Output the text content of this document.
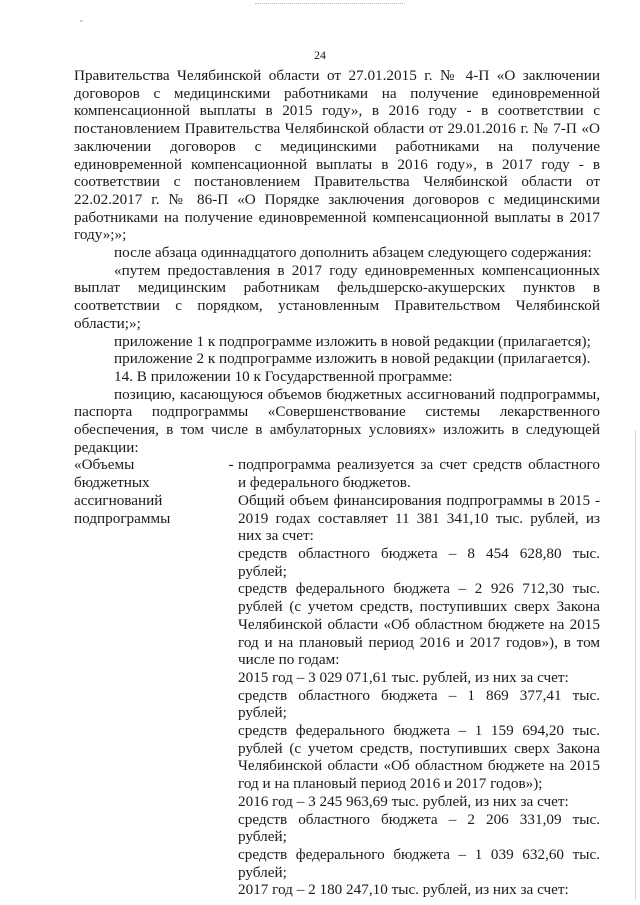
24

Правительства Челябинской области от 27.01.2015 г. № 4-П «О заключении договоров с медицинскими работниками на получение единовременной компенсационной выплаты в 2015 году», в 2016 году - в соответствии с постановлением Правительства Челябинской области от 29.01.2016 г. № 7-П «О заключении договоров с медицинскими работниками на получение единовременной компенсационной выплаты в 2016 году», в 2017 году - в соответствии с постановлением Правительства Челябинской области от 22.02.2017 г. № 86-П «О Порядке заключения договоров с медицинскими работниками на получение единовременной компенсационной выплаты в 2017 году»;»;

после абзаца одиннадцатого дополнить абзацем следующего содержания:

«путем предоставления в 2017 году единовременных компенсационных выплат медицинским работникам фельдшерско-акушерских пунктов в соответствии с порядком, установленным Правительством Челябинской области;»;

приложение 1 к подпрограмме изложить в новой редакции (прилагается);

приложение 2 к подпрограмме изложить в новой редакции (прилагается).

14. В приложении 10 к Государственной программе:

позицию, касающуюся объемов бюджетных ассигнований подпрограммы, паспорта подпрограммы «Совершенствование системы лекарственного обеспечения, в том числе в амбулаторных условиях» изложить в следующей редакции:

«Объемы
бюджетных
ассигнований
подпрограммы
- подпрограмма реализуется за счет средств областного и федерального бюджетов.

Общий объем финансирования подпрограммы в 2015 - 2019 годах составляет 11 381 341,10 тыс. рублей, из них за счет:

средств областного бюджета – 8 454 628,80 тыс. рублей;

средств федерального бюджета – 2 926 712,30 тыс. рублей (с учетом средств, поступивших сверх Закона Челябинской области «Об областном бюджете на 2015 год и на плановый период 2016 и 2017 годов»), в том числе по годам:

2015 год – 3 029 071,61 тыс. рублей, из них за счет:

средств областного бюджета – 1 869 377,41 тыс. рублей;

средств федерального бюджета – 1 159 694,20 тыс. рублей (с учетом средств, поступивших сверх Закона Челябинской области «Об областном бюджете на 2015 год и на плановый период 2016 и 2017 годов»);

2016 год – 3 245 963,69 тыс. рублей, из них за счет:

средств областного бюджета – 2 206 331,09 тыс. рублей;

средств федерального бюджета – 1 039 632,60 тыс. рублей;

2017 год – 2 180 247,10 тыс. рублей, из них за счет:
